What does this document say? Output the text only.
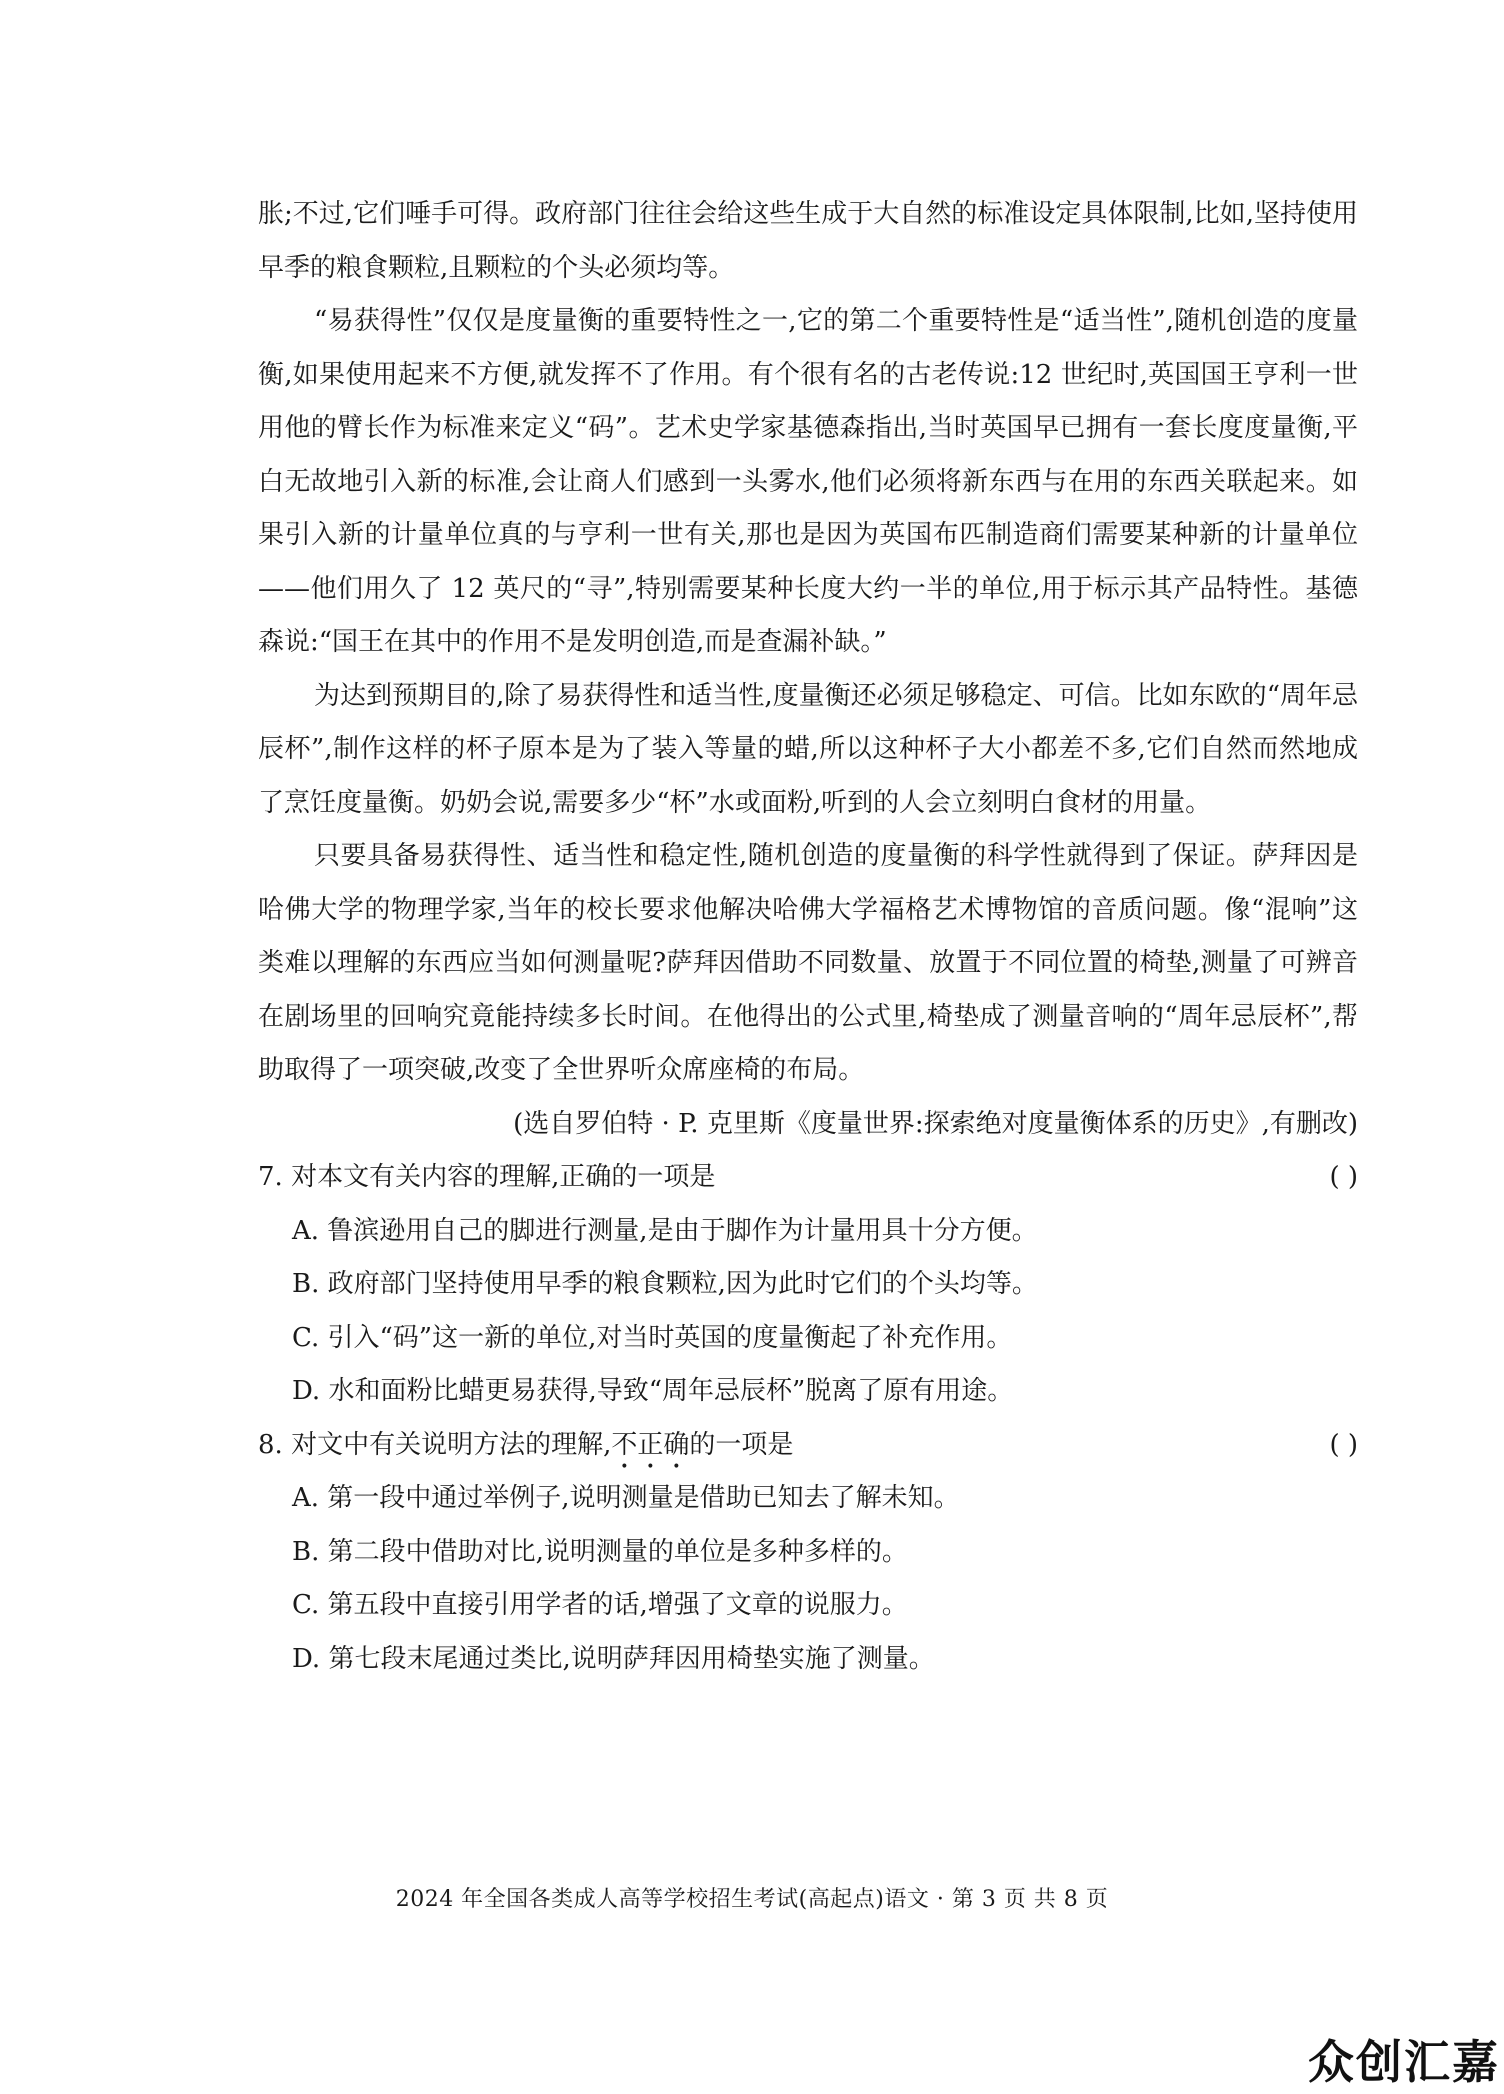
胀;不过,它们唾手可得。政府部门往往会给这些生成于大自然的标准设定具体限制,比如,坚持使用早季的粮食颗粒,且颗粒的个头必须均等。

“易获得性”仅仅是度量衡的重要特性之一,它的第二个重要特性是“适当性”,随机创造的度量衡,如果使用起来不方便,就发挥不了作用。有个很有名的古老传说:12 世纪时,英国国王亨利一世用他的臂长作为标准来定义“码”。艺术史学家基德森指出,当时英国早已拥有一套长度度量衡,平白无故地引入新的标准,会让商人们感到一头雾水,他们必须将新东西与在用的东西关联起来。如果引入新的计量单位真的与亨利一世有关,那也是因为英国布匹制造商们需要某种新的计量单位——他们用久了 12 英尺的“寻”,特别需要某种长度大约一半的单位,用于标示其产品特性。基德森说:“国王在其中的作用不是发明创造,而是查漏补缺。”

为达到预期目的,除了易获得性和适当性,度量衡还必须足够稳定、可信。比如东欧的“周年忌辰杯”,制作这样的杯子原本是为了装入等量的蜡,所以这种杯子大小都差不多,它们自然而然地成了烹饪度量衡。奶奶会说,需要多少“杯”水或面粉,听到的人会立刻明白食材的用量。

只要具备易获得性、适当性和稳定性,随机创造的度量衡的科学性就得到了保证。萨拜因是哈佛大学的物理学家,当年的校长要求他解决哈佛大学福格艺术博物馆的音质问题。像“混响”这类难以理解的东西应当如何测量呢?萨拜因借助不同数量、放置于不同位置的椅垫,测量了可辨音在剧场里的回响究竟能持续多长时间。在他得出的公式里,椅垫成了测量音响的“周年忌辰杯”,帮助取得了一项突破,改变了全世界听众席座椅的布局。

(选自罗伯特 · P. 克里斯《度量世界:探索绝对度量衡体系的历史》,有删改)

7. 对本文有关内容的理解,正确的一项是	( )

A. 鲁滨逊用自己的脚进行测量,是由于脚作为计量用具十分方便。

B. 政府部门坚持使用早季的粮食颗粒,因为此时它们的个头均等。

C. 引入“码”这一新的单位,对当时英国的度量衡起了补充作用。

D. 水和面粉比蜡更易获得,导致“周年忌辰杯”脱离了原有用途。

8. 对文中有关说明方法的理解,不正确的一项是	( )

A. 第一段中通过举例子,说明测量是借助已知去了解未知。

B. 第二段中借助对比,说明测量的单位是多种多样的。

C. 第五段中直接引用学者的话,增强了文章的说服力。

D. 第七段末尾通过类比,说明萨拜因用椅垫实施了测量。

2024 年全国各类成人高等学校招生考试(高起点)语文 · 第 3 页 共 8 页
众创汇嘉
